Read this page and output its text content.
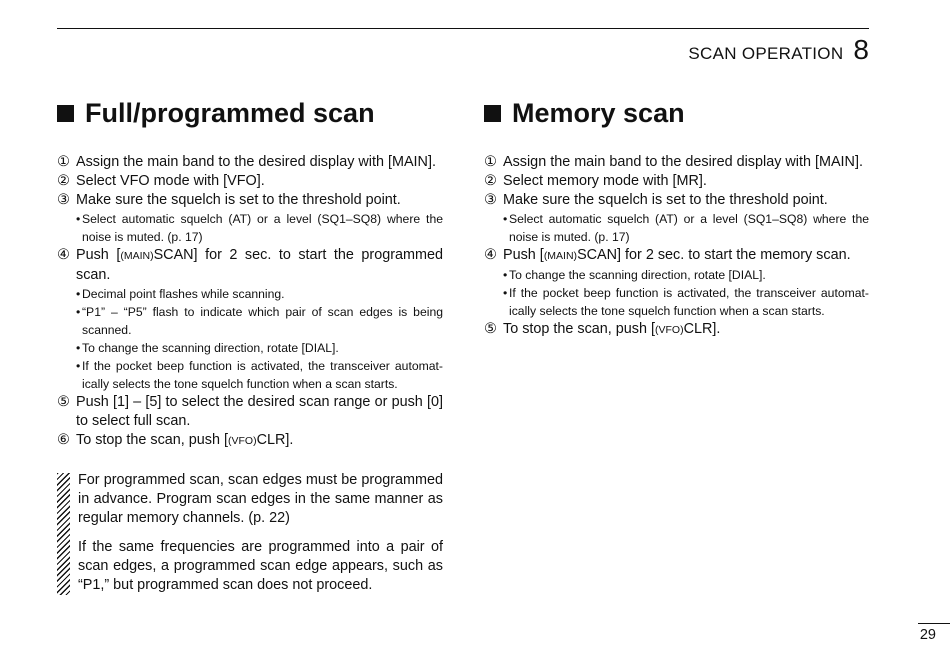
SCAN OPERATION 8
Full/programmed scan
① Assign the main band to the desired display with [MAIN].
② Select VFO mode with [VFO].
③ Make sure the squelch is set to the threshold point.
• Select automatic squelch (AT) or a level (SQ1–SQ8) where the noise is muted. (p. 17)
④ Push [(MAIN)SCAN] for 2 sec. to start the programmed scan.
• Decimal point flashes while scanning.
• “P1” – “P5” flash to indicate which pair of scan edges is being scanned.
• To change the scanning direction, rotate [DIAL].
• If the pocket beep function is activated, the transceiver automat-ically selects the tone squelch function when a scan starts.
⑤ Push [1] – [5] to select the desired scan range or push [0] to select full scan.
⑥ To stop the scan, push [(VFO)CLR].

For programmed scan, scan edges must be programmed in advance. Program scan edges in the same manner as regular memory channels. (p. 22)

If the same frequencies are programmed into a pair of scan edges, a programmed scan edge appears, such as “P1,” but programmed scan does not proceed.

Memory scan
① Assign the main band to the desired display with [MAIN].
② Select memory mode with [MR].
③ Make sure the squelch is set to the threshold point.
• Select automatic squelch (AT) or a level (SQ1–SQ8) where the noise is muted. (p. 17)
④ Push [(MAIN)SCAN] for 2 sec. to start the memory scan.
• To change the scanning direction, rotate [DIAL].
• If the pocket beep function is activated, the transceiver automat-ically selects the tone squelch function when a scan starts.
⑤ To stop the scan, push [(VFO)CLR].
29
